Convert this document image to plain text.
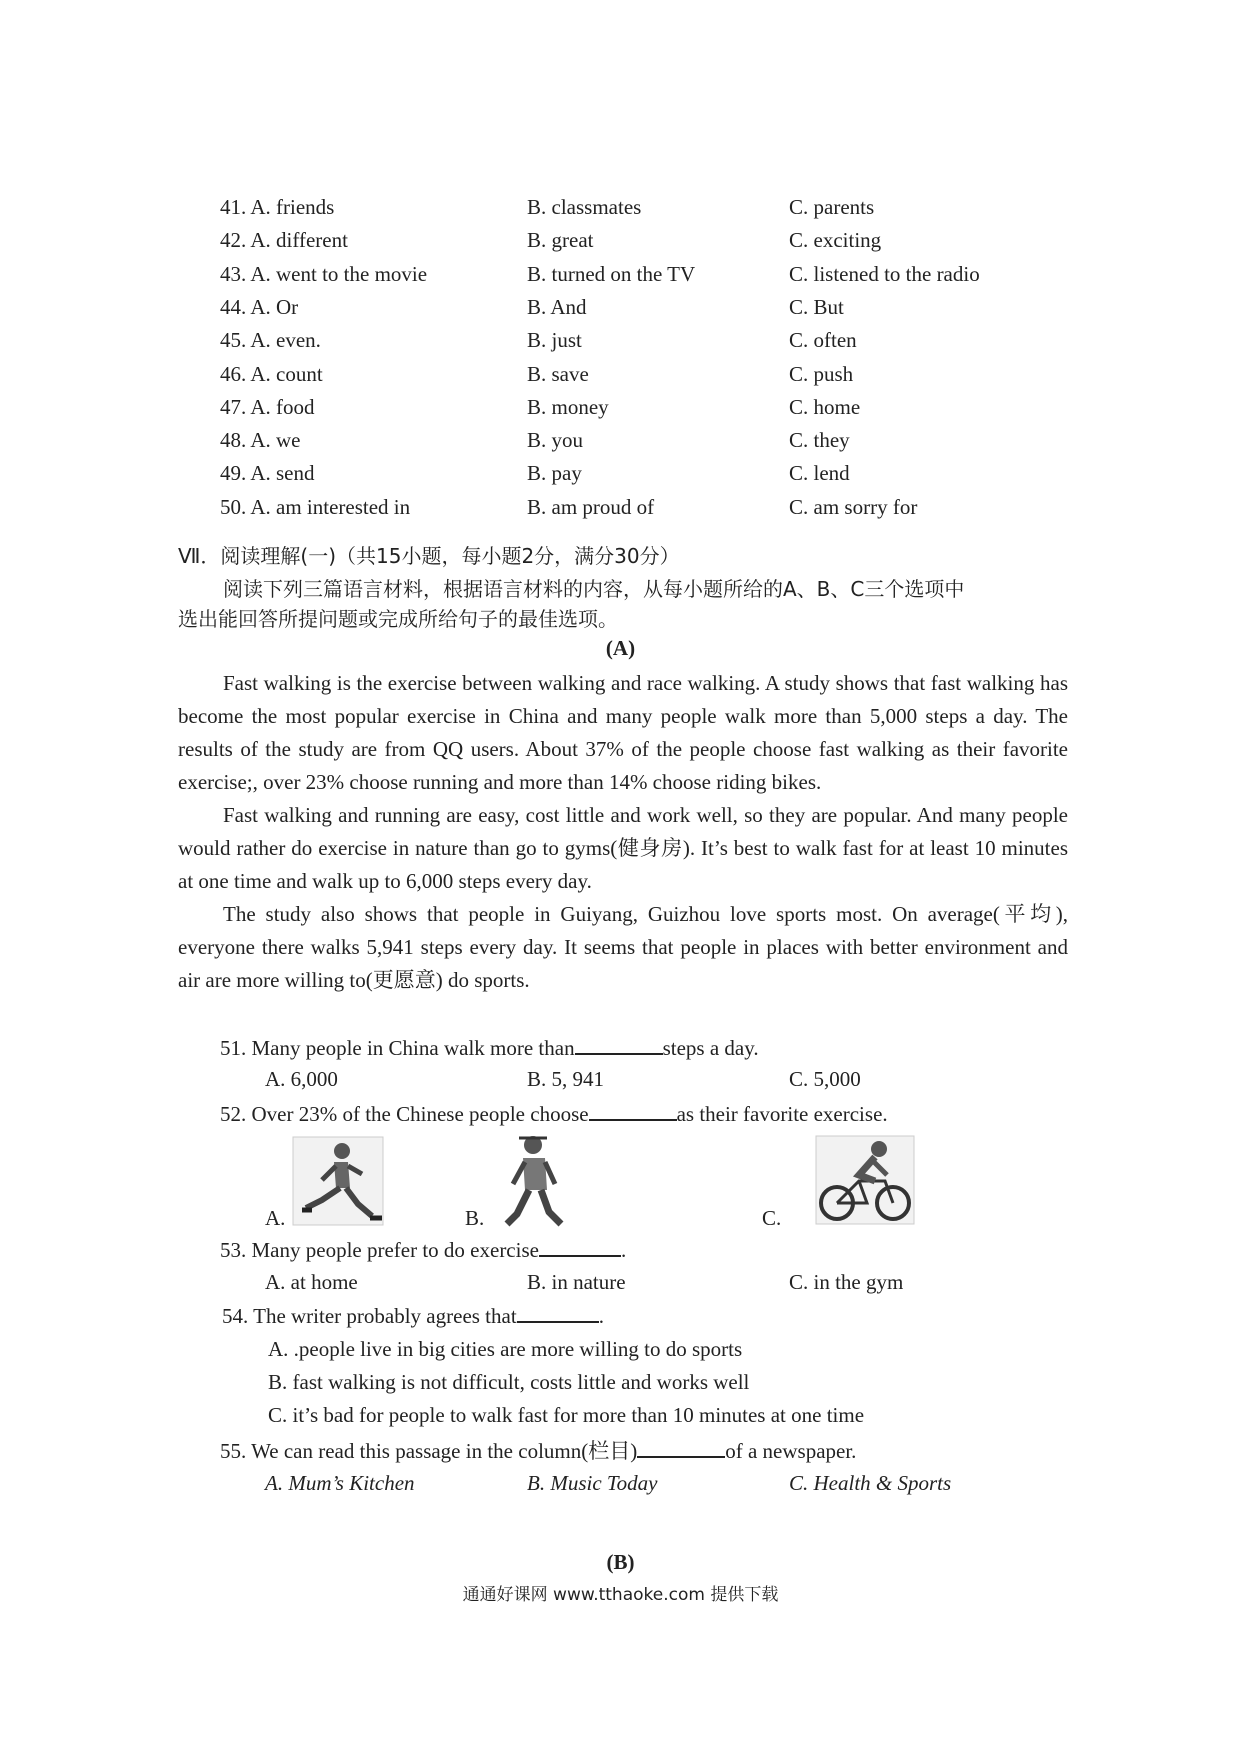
41. A. friends	B. classmates	C. parents
42. A. different	B. great	C. exciting
43. A. went to the movie	B. turned on the TV	C. listened to the radio
44. A. Or	B. And	C. But
45. A. even.	B. just	C. often
46. A. count	B. save	C. push
47. A. food	B. money	C. home
48. A. we	B. you	C. they
49. A. send	B. pay	C. lend
50. A. am interested in	B. am proud of	C. am sorry for
Ⅶ．阅读理解(一)（共15小题，每小题2分，满分30分）
阅读下列三篇语言材料，根据语言材料的内容，从每小题所给的A、B、C三个选项中
选出能回答所提问题或完成所给句子的最佳选项。
(A)

Fast walking is the exercise between walking and race walking. A study shows that fast walking has become the most popular exercise in China and many people walk more than 5,000 steps a day. The results of the study are from QQ users. About 37% of the people choose fast walking as their favorite exercise;, over 23% choose running and more than 14% choose riding bikes.

Fast walking and running are easy, cost little and work well, so they are popular. And many people would rather do exercise in nature than go to gyms(健身房). It’s best to walk fast for at least 10 minutes at one time and walk up to 6,000 steps every day.

The study also shows that people in Guiyang, Guizhou love sports most. On average(平均), everyone there walks 5,941 steps every day. It seems that people in places with better environment and air are more willing to(更愿意) do sports.

51. Many people in China walk more than	steps a day.
A. 6,000	B. 5, 941	C. 5,000
52. Over 23% of the Chinese people choose	as their favorite exercise.
A.	B.	C.
53. Many people prefer to do exercise	.
A. at home	B. in nature	C. in the gym
54. The writer probably agrees that	.
A. .people live in big cities are more willing to do sports
B. fast walking is not difficult, costs little and works well
C. it’s bad for people to walk fast for more than 10 minutes at one time
55. We can read this passage in the column(栏目)	of a newspaper.
A. Mum’s Kitchen	B. Music Today	C. Health & Sports
(B)
通通好课网 www.tthaoke.com 提供下载
